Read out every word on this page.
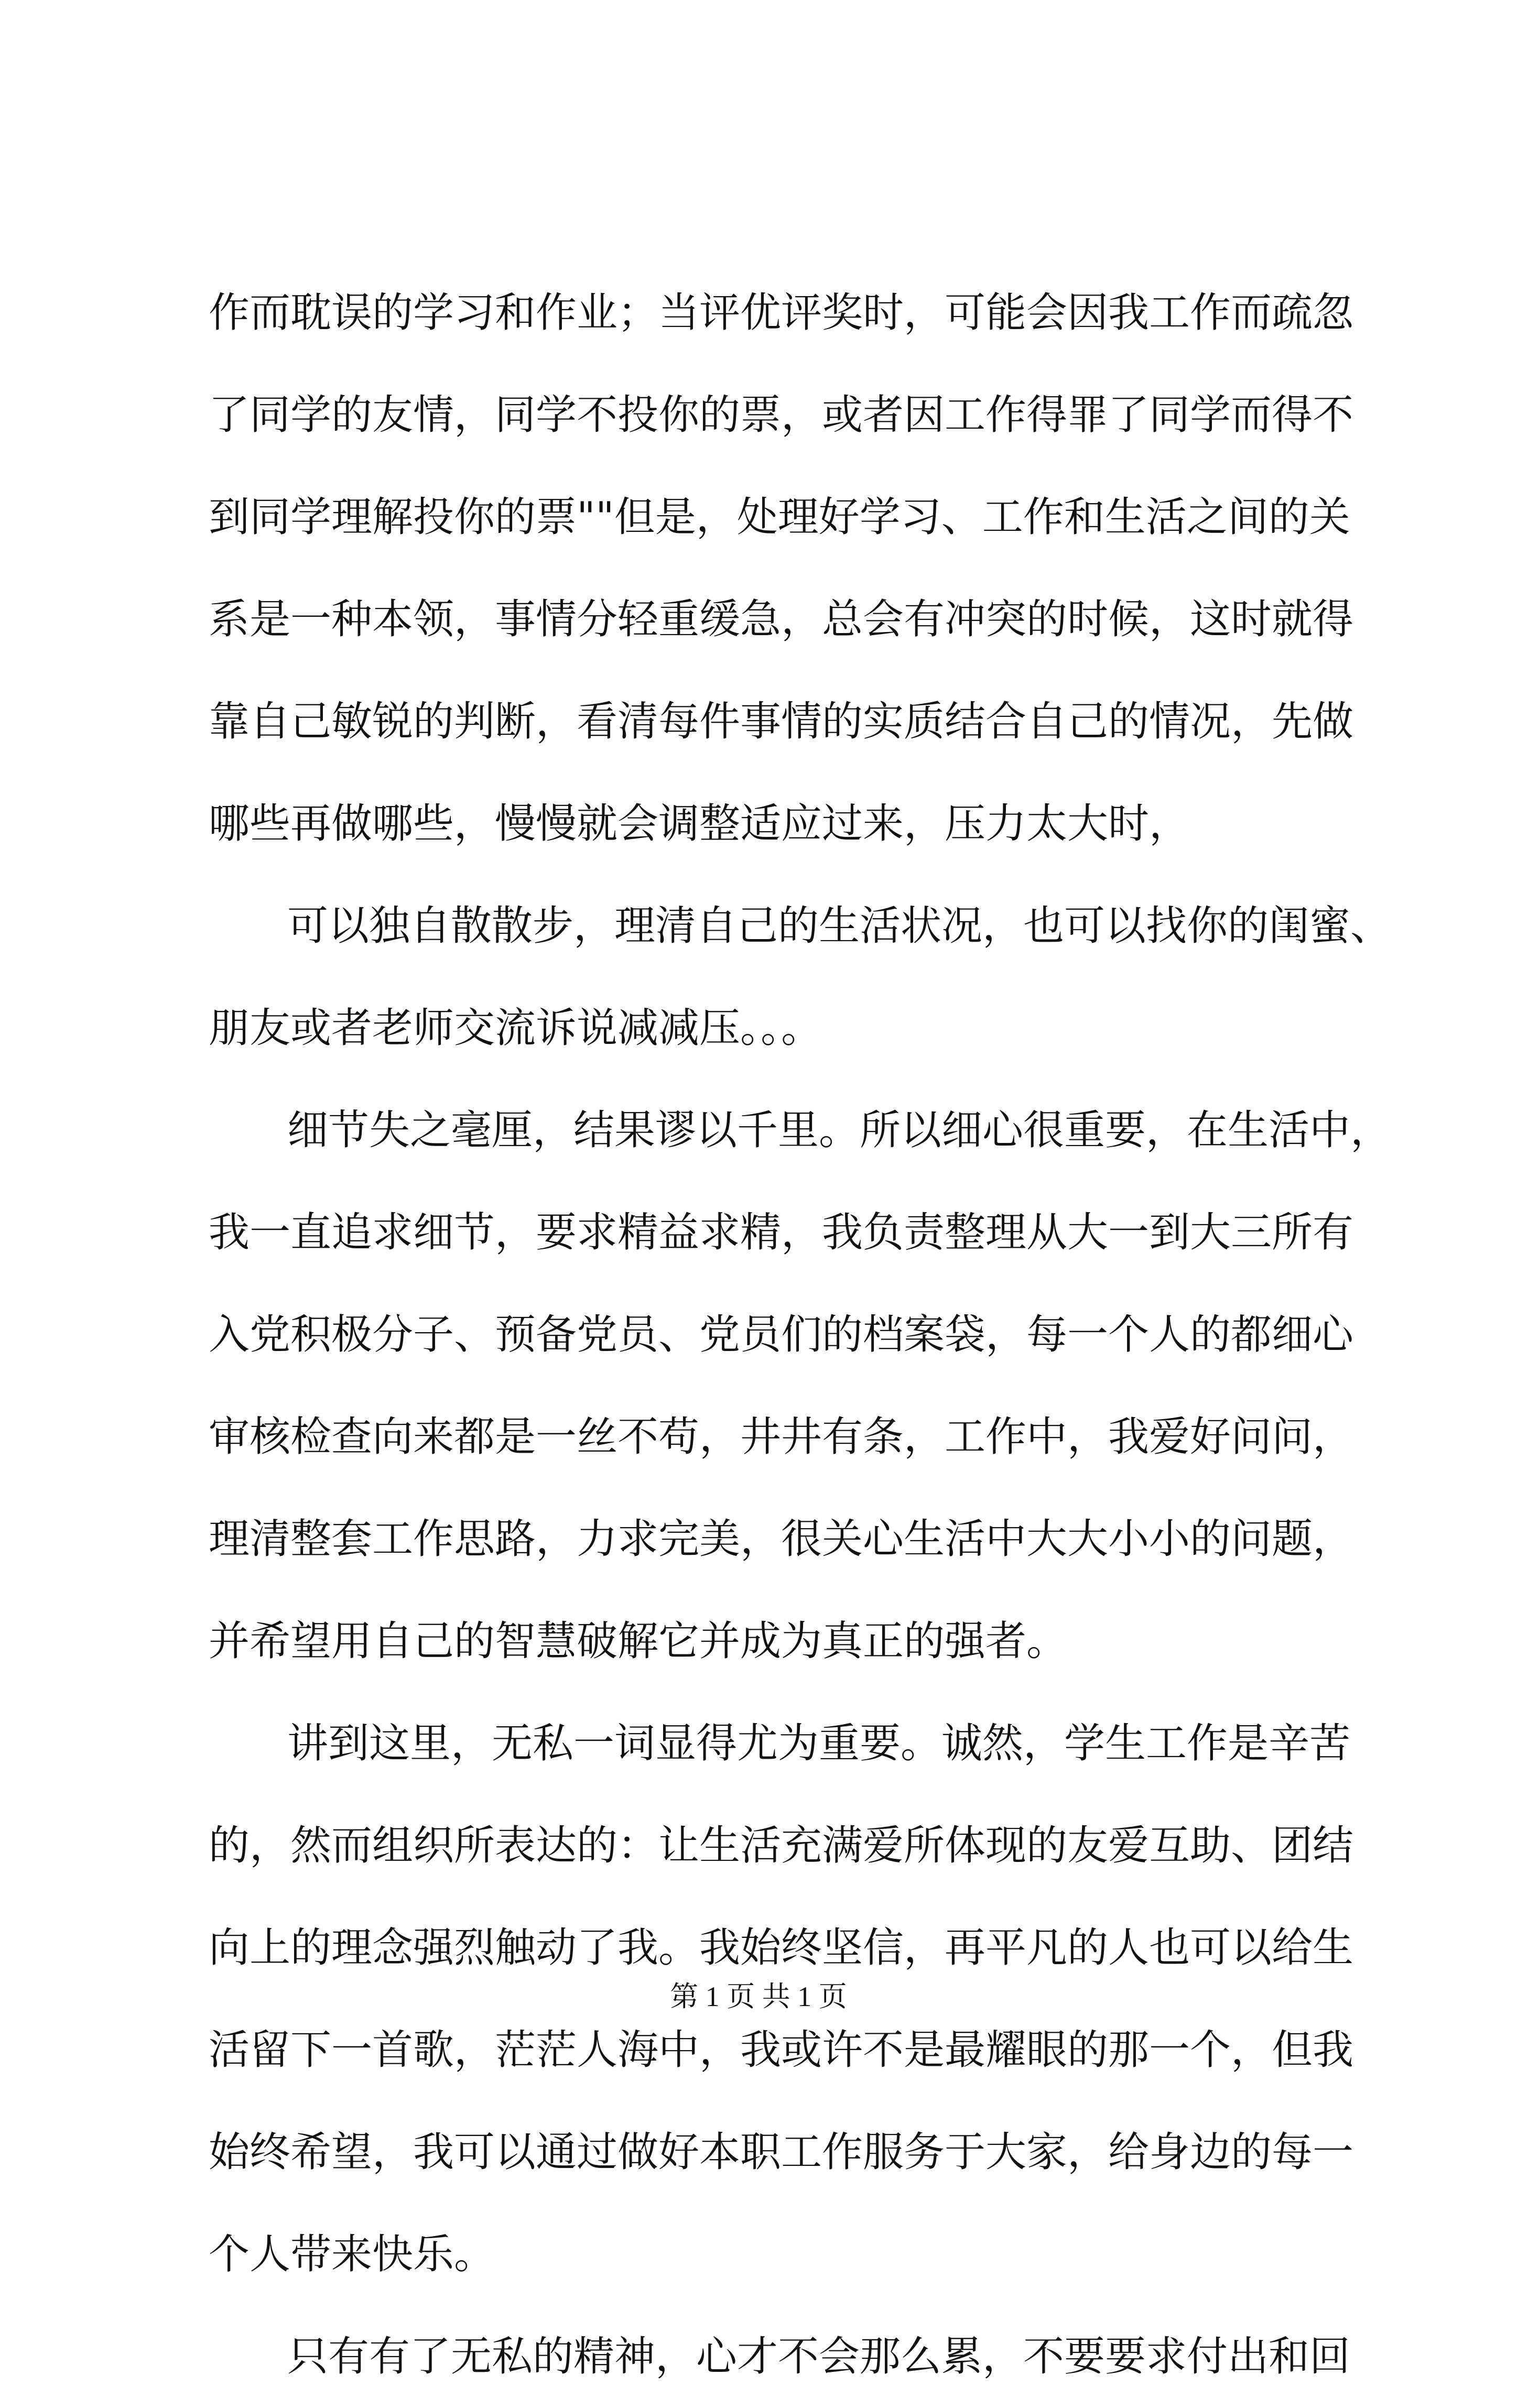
作而耽误的学习和作业；当评优评奖时，可能会因我工作而疏忽
了同学的友情，同学不投你的票，或者因工作得罪了同学而得不
到同学理解投你的票""但是，处理好学习、工作和生活之间的关
系是一种本领，事情分轻重缓急，总会有冲突的时候，这时就得
靠自己敏锐的判断，看清每件事情的实质结合自己的情况，先做
哪些再做哪些，慢慢就会调整适应过来，压力太大时，
可以独自散散步，理清自己的生活状况，也可以找你的闺蜜、
朋友或者老师交流诉说减减压。。。
细节失之毫厘，结果谬以千里。所以细心很重要，在生活中，
我一直追求细节，要求精益求精，我负责整理从大一到大三所有
入党积极分子、预备党员、党员们的档案袋，每一个人的都细心
审核检查向来都是一丝不苟，井井有条，工作中，我爱好问问，
理清整套工作思路，力求完美，很关心生活中大大小小的问题，
并希望用自己的智慧破解它并成为真正的强者。
讲到这里，无私一词显得尤为重要。诚然，学生工作是辛苦
的，然而组织所表达的：让生活充满爱所体现的友爱互助、团结
向上的理念强烈触动了我。我始终坚信，再平凡的人也可以给生
活留下一首歌，茫茫人海中，我或许不是最耀眼的那一个，但我
始终希望，我可以通过做好本职工作服务于大家，给身边的每一
个人带来快乐。
只有有了无私的精神，心才不会那么累，不要要求付出和回
第 1 页 共 1 页
